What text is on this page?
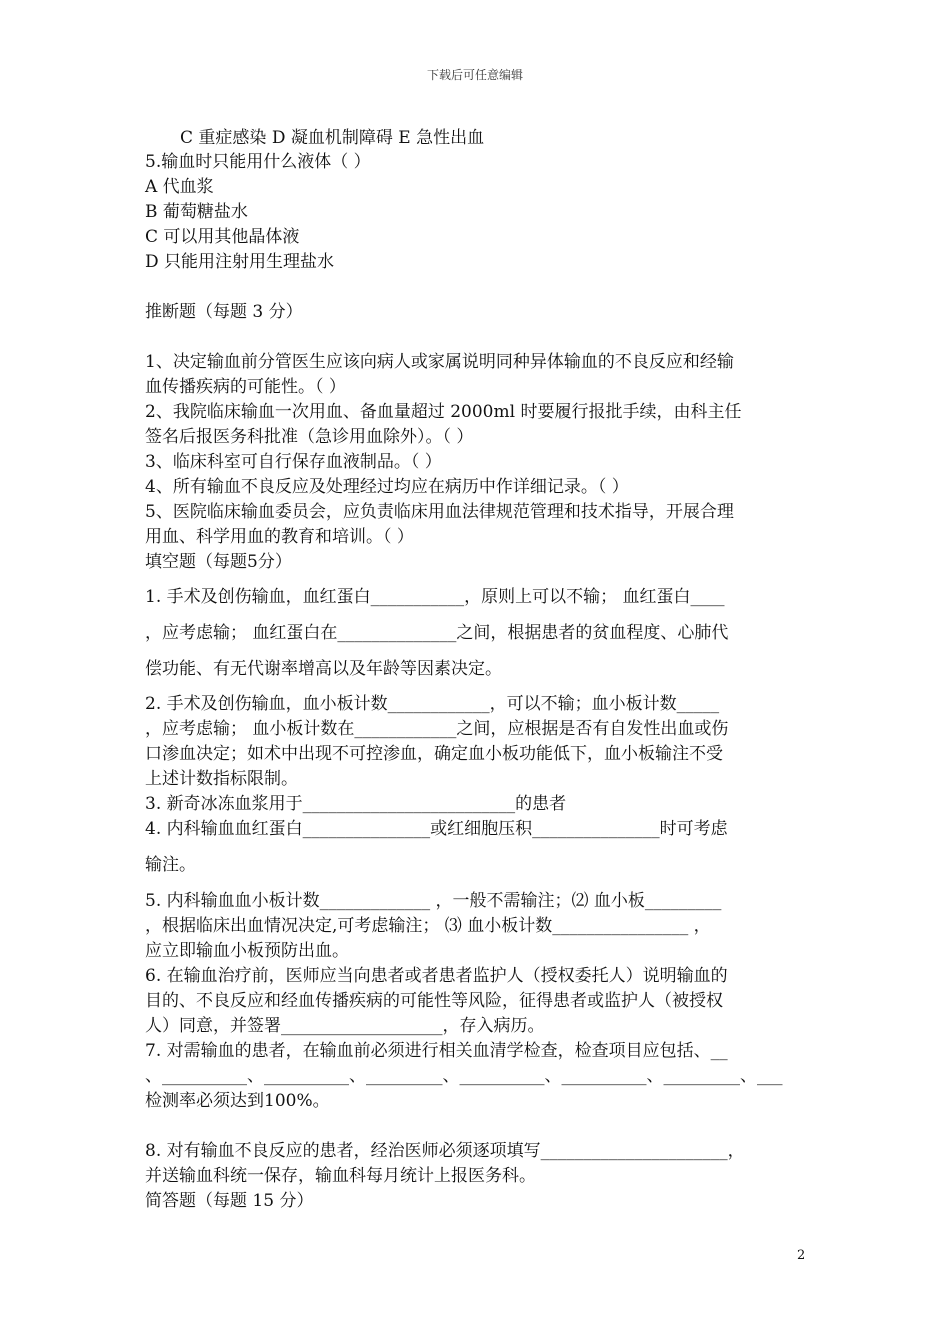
下载后可任意编辑
C 重症感染 D 凝血机制障碍 E 急性出血
5.输血时只能用什么液体（ ）
A 代血浆
B 葡萄糖盐水
C 可以用其他晶体液
D 只能用注射用生理盐水
推断题（每题 3 分）
1、决定输血前分管医生应该向病人或家属说明同种异体输血的不良反应和经输
血传播疾病的可能性。（ ）
2、我院临床输血一次用血、备血量超过 2000ml 时要履行报批手续，由科主任
签名后报医务科批准（急诊用血除外）。（ ）
3、临床科室可自行保存血液制品。（ ）
4、所有输血不良反应及处理经过均应在病历中作详细记录。（ ）
5、医院临床输血委员会，应负责临床用血法律规范管理和技术指导，开展合理
用血、科学用血的教育和培训。（ ）
填空题（每题5分）
1. 手术及创伤输血，血红蛋白___________，原则上可以不输； 血红蛋白____
，应考虑输； 血红蛋白在______________之间，根据患者的贫血程度、心肺代
偿功能、有无代谢率增高以及年龄等因素决定。
2. 手术及创伤输血，血小板计数____________，可以不输；血小板计数_____
，应考虑输； 血小板计数在____________之间，应根据是否有自发性出血或伤
口渗血决定；如术中出现不可控渗血，确定血小板功能低下，血小板输注不受
上述计数指标限制。
3. 新奇冰冻血浆用于_________________________的患者
4. 内科输血血红蛋白_______________或红细胞压积_______________时可考虑
输注。
5. 内科输血血小板计数_____________ ，一般不需输注；⑵ 血小板_________
，根据临床出血情况决定,可考虑输注； ⑶ 血小板计数________________ ，
应立即输血小板预防出血。
6. 在输血治疗前，医师应当向患者或者患者监护人（授权委托人）说明输血的
目的、不良反应和经血传播疾病的可能性等风险，征得患者或监护人（被授权
人）同意，并签署___________________，存入病历。
7. 对需输血的患者，在输血前必须进行相关血清学检查，检查项目应包括、__
、__________、__________、_________、__________、__________、_________、___
检测率必须达到100%。
8. 对有输血不良反应的患者，经治医师必须逐项填写______________________，
并送输血科统一保存，输血科每月统计上报医务科。
简答题（每题 15 分）
2
